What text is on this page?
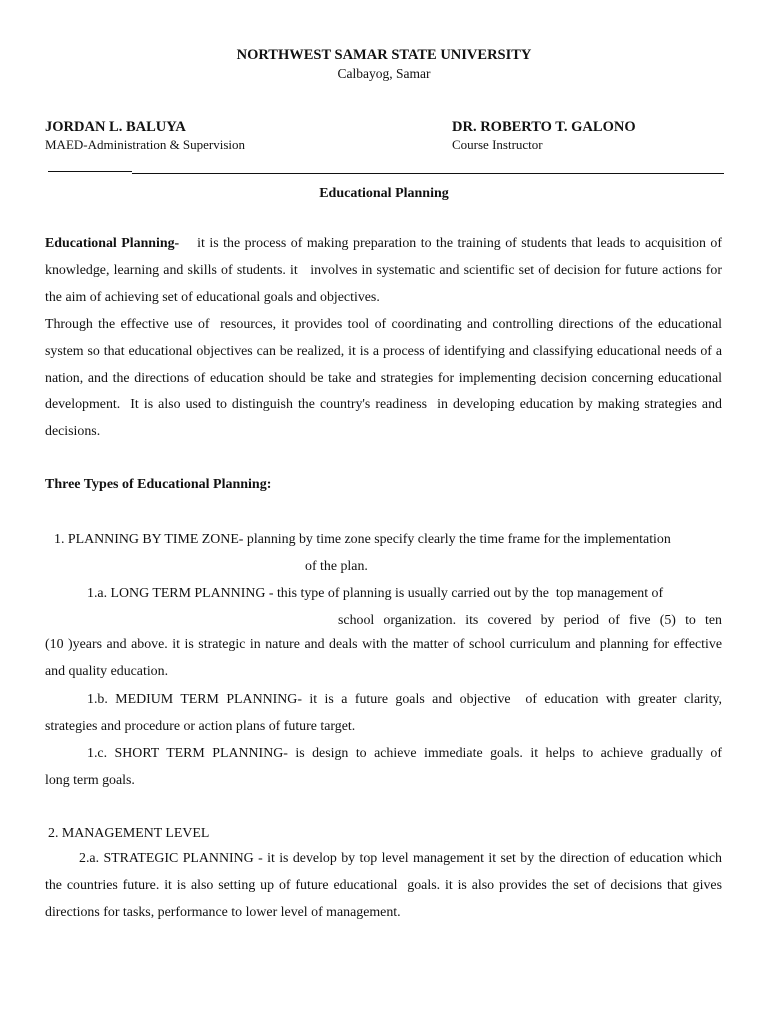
NORTHWEST SAMAR STATE UNIVERSITY
Calbayog, Samar
JORDAN L. BALUYA
MAED-Administration & Supervision
DR. ROBERTO T. GALONO
Course Instructor
Educational Planning

Educational Planning-    it is the process of making preparation to the training of students that leads to acquisition of knowledge, learning and skills of students. it   involves in systematic and scientific set of decision for future actions for the aim of achieving set of educational goals and objectives.

Through the effective use of  resources, it provides tool of coordinating and controlling directions of the educational system so that educational objectives can be realized, it is a process of identifying and classifying educational needs of a nation, and the directions of education should be take and strategies for implementing decision concerning educational development.  It is also used to distinguish the country's readiness  in developing education by making strategies and decisions.

Three Types of Educational Planning:
1. PLANNING BY TIME ZONE- planning by time zone specify clearly the time frame for the implementation
of the plan.
1.a. LONG TERM PLANNING - this type of planning is usually carried out by the  top management of
school organization. its covered by period of five (5) to ten

(10 )years and above. it is strategic in nature and deals with the matter of school curriculum and planning for effective and quality education.

1.b. MEDIUM TERM PLANNING- it is a future goals and objective  of education with greater clarity,
strategies and procedure or action plans of future target.
1.c. SHORT TERM PLANNING- is design to achieve immediate goals. it helps to achieve gradually of
long term goals.
2. MANAGEMENT LEVEL

2.a. STRATEGIC PLANNING - it is develop by top level management it set by the direction of education which the countries future. it is also setting up of future educational  goals. it is also provides the set of decisions that gives directions for tasks, performance to lower level of management.
